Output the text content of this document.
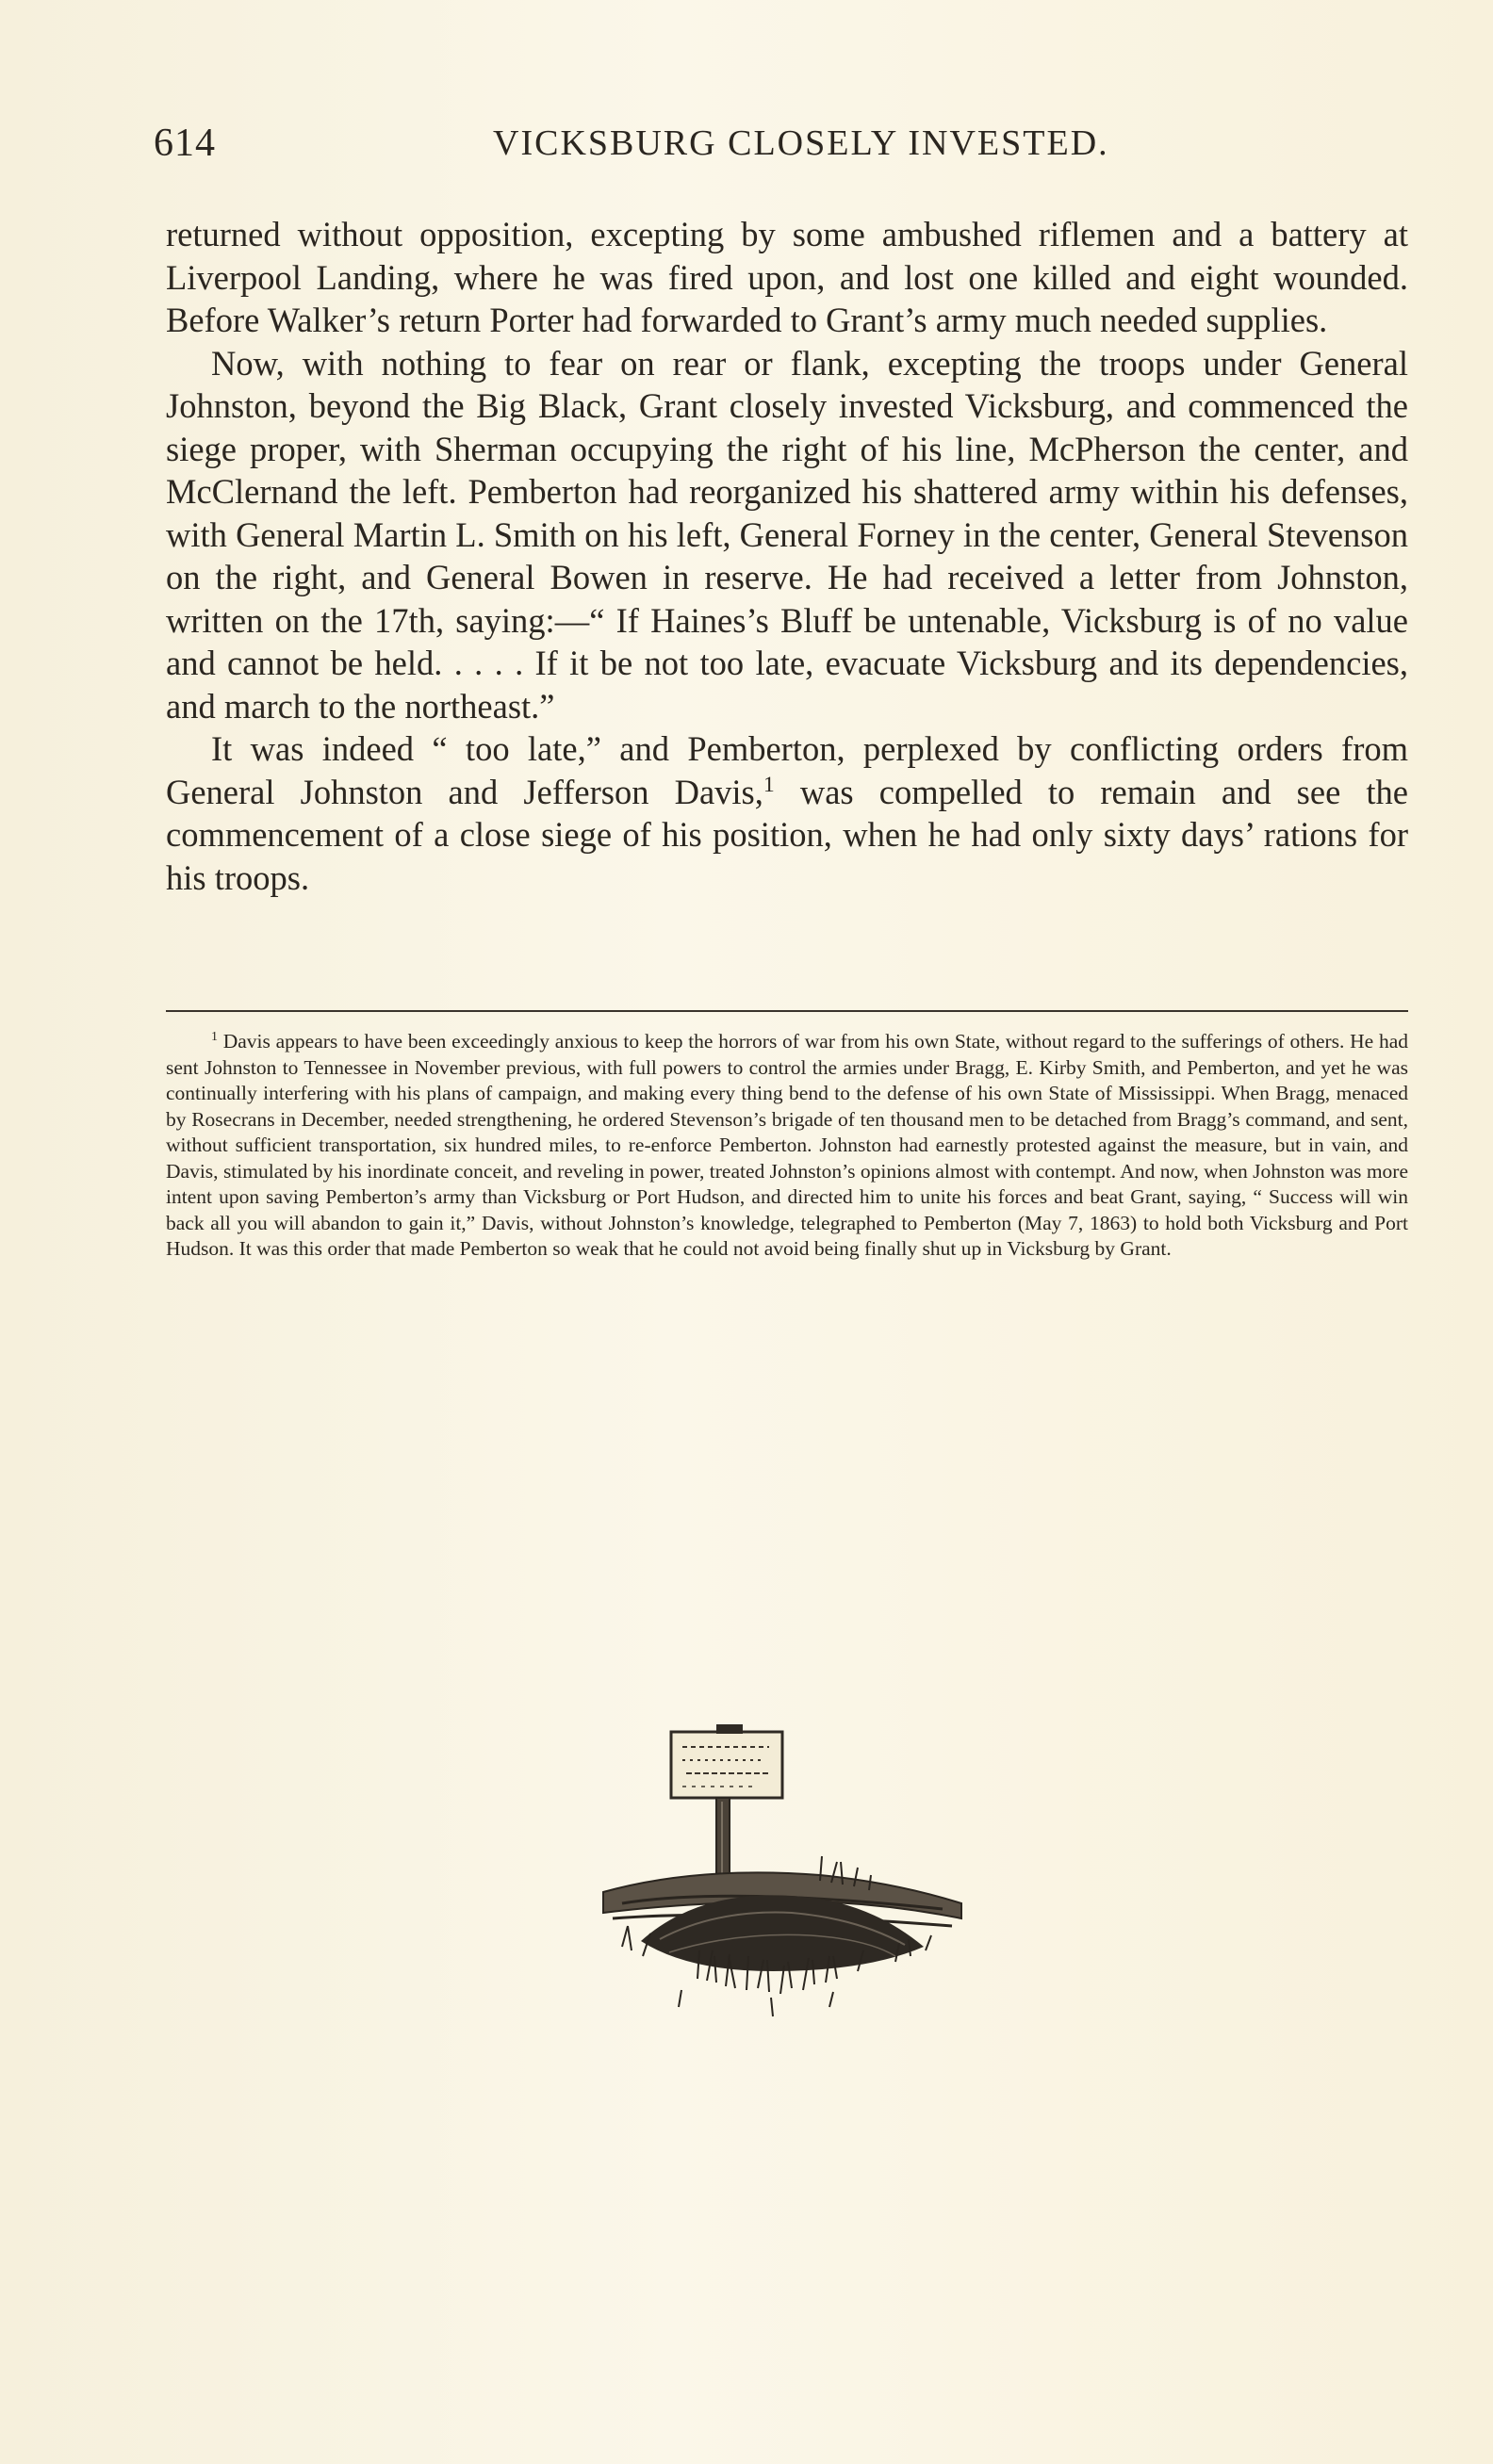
614	VICKSBURG CLOSELY INVESTED.

returned without opposition, excepting by some ambushed riflemen and a battery at Liverpool Landing, where he was fired upon, and lost one killed and eight wounded. Before Walker’s return Porter had forwarded to Grant’s army much needed supplies.

Now, with nothing to fear on rear or flank, excepting the troops under General Johnston, beyond the Big Black, Grant closely invested Vicksburg, and commenced the siege proper, with Sherman occupying the right of his line, McPherson the center, and McClernand the left. Pemberton had reorganized his shattered army within his defenses, with General Martin L. Smith on his left, General Forney in the center, General Stevenson on the right, and General Bowen in reserve. He had received a letter from Johnston, written on the 17th, saying:—“ If Haines’s Bluff be untenable, Vicksburg is of no value and cannot be held. . . . . If it be not too late, evacuate Vicksburg and its dependencies, and march to the northeast.”

It was indeed “ too late,” and Pemberton, perplexed by conflicting orders from General Johnston and Jefferson Davis,$^1$ was compelled to remain and see the commencement of a close siege of his position, when he had only sixty days’ rations for his troops.

$^1$ Davis appears to have been exceedingly anxious to keep the horrors of war from his own State, without regard to the sufferings of others. He had sent Johnston to Tennessee in November previous, with full powers to control the armies under Bragg, E. Kirby Smith, and Pemberton, and yet he was continually interfering with his plans of campaign, and making every thing bend to the defense of his own State of Mississippi. When Bragg, menaced by Rosecrans in December, needed strengthening, he ordered Stevenson’s brigade of ten thousand men to be detached from Bragg’s command, and sent, without sufficient transportation, six hundred miles, to re-enforce Pemberton. Johnston had earnestly protested against the measure, but in vain, and Davis, stimulated by his inordinate conceit, and reveling in power, treated Johnston’s opinions almost with contempt. And now, when Johnston was more intent upon saving Pemberton’s army than Vicksburg or Port Hudson, and directed him to unite his forces and beat Grant, saying, “ Success will win back all you will abandon to gain it,” Davis, without Johnston’s knowledge, telegraphed to Pemberton (May 7, 1863) to hold both Vicksburg and Port Hudson. It was this order that made Pemberton so weak that he could not avoid being finally shut up in Vicksburg by Grant.
